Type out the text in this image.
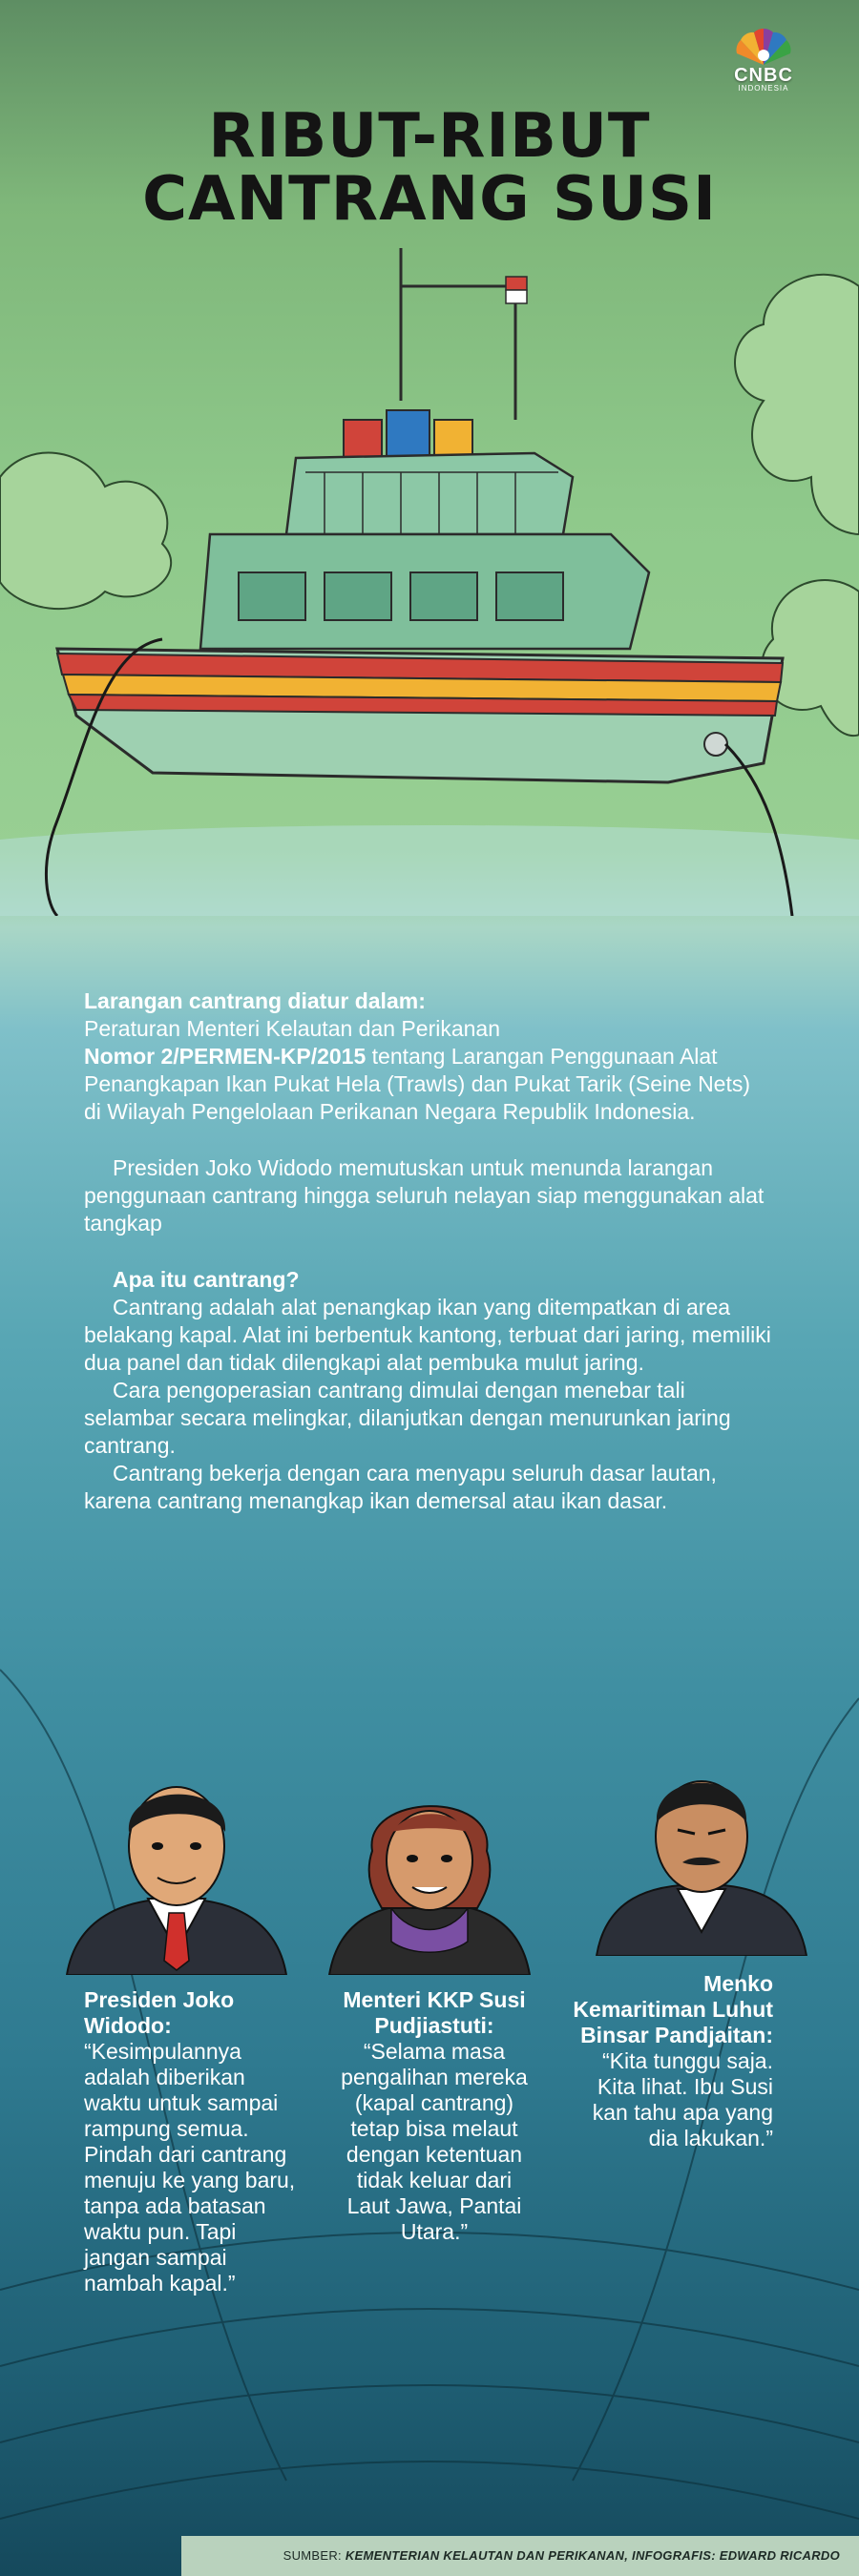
CNBC
INDONESIA
RIBUT-RIBUT
CANTRANG SUSI

Larangan cantrang diatur dalam:

Peraturan Menteri Kelautan dan Perikanan

Nomor 2/PERMEN-KP/2015 tentang Larangan Penggunaan Alat Penangkapan Ikan Pukat Hela (Trawls) dan Pukat Tarik (Seine Nets) di Wilayah Pengelolaan Perikanan Negara Republik Indonesia.

Presiden Joko Widodo memutuskan untuk menunda larangan penggunaan cantrang hingga seluruh nelayan siap menggunakan alat tangkap

Apa itu cantrang?

Cantrang adalah alat penangkap ikan yang ditempatkan di area belakang kapal. Alat ini berbentuk kantong, terbuat dari jaring, memiliki dua panel dan tidak dilengkapi alat pembuka mulut jaring.

Cara pengoperasian cantrang dimulai dengan menebar tali selambar secara melingkar, dilanjutkan dengan menurunkan jaring cantrang.

Cantrang bekerja dengan cara menyapu seluruh dasar lautan, karena cantrang menangkap ikan demersal atau ikan dasar.

Presiden Joko Widodo:
“Kesimpulannya adalah diberikan waktu untuk sampai rampung semua. Pindah dari cantrang menuju ke yang baru, tanpa ada batasan waktu pun. Tapi jangan sampai nambah kapal.”
Menteri KKP Susi Pudjiastuti:
“Selama masa pengalihan mereka (kapal cantrang) tetap bisa melaut dengan ketentuan tidak keluar dari Laut Jawa, Pantai Utara.”
Menko Kemaritiman Luhut Binsar Pandjaitan:
“Kita tunggu saja. Kita lihat. Ibu Susi kan tahu apa yang dia lakukan.”
SUMBER: KEMENTERIAN KELAUTAN DAN PERIKANAN, INFOGRAFIS: EDWARD RICARDO
